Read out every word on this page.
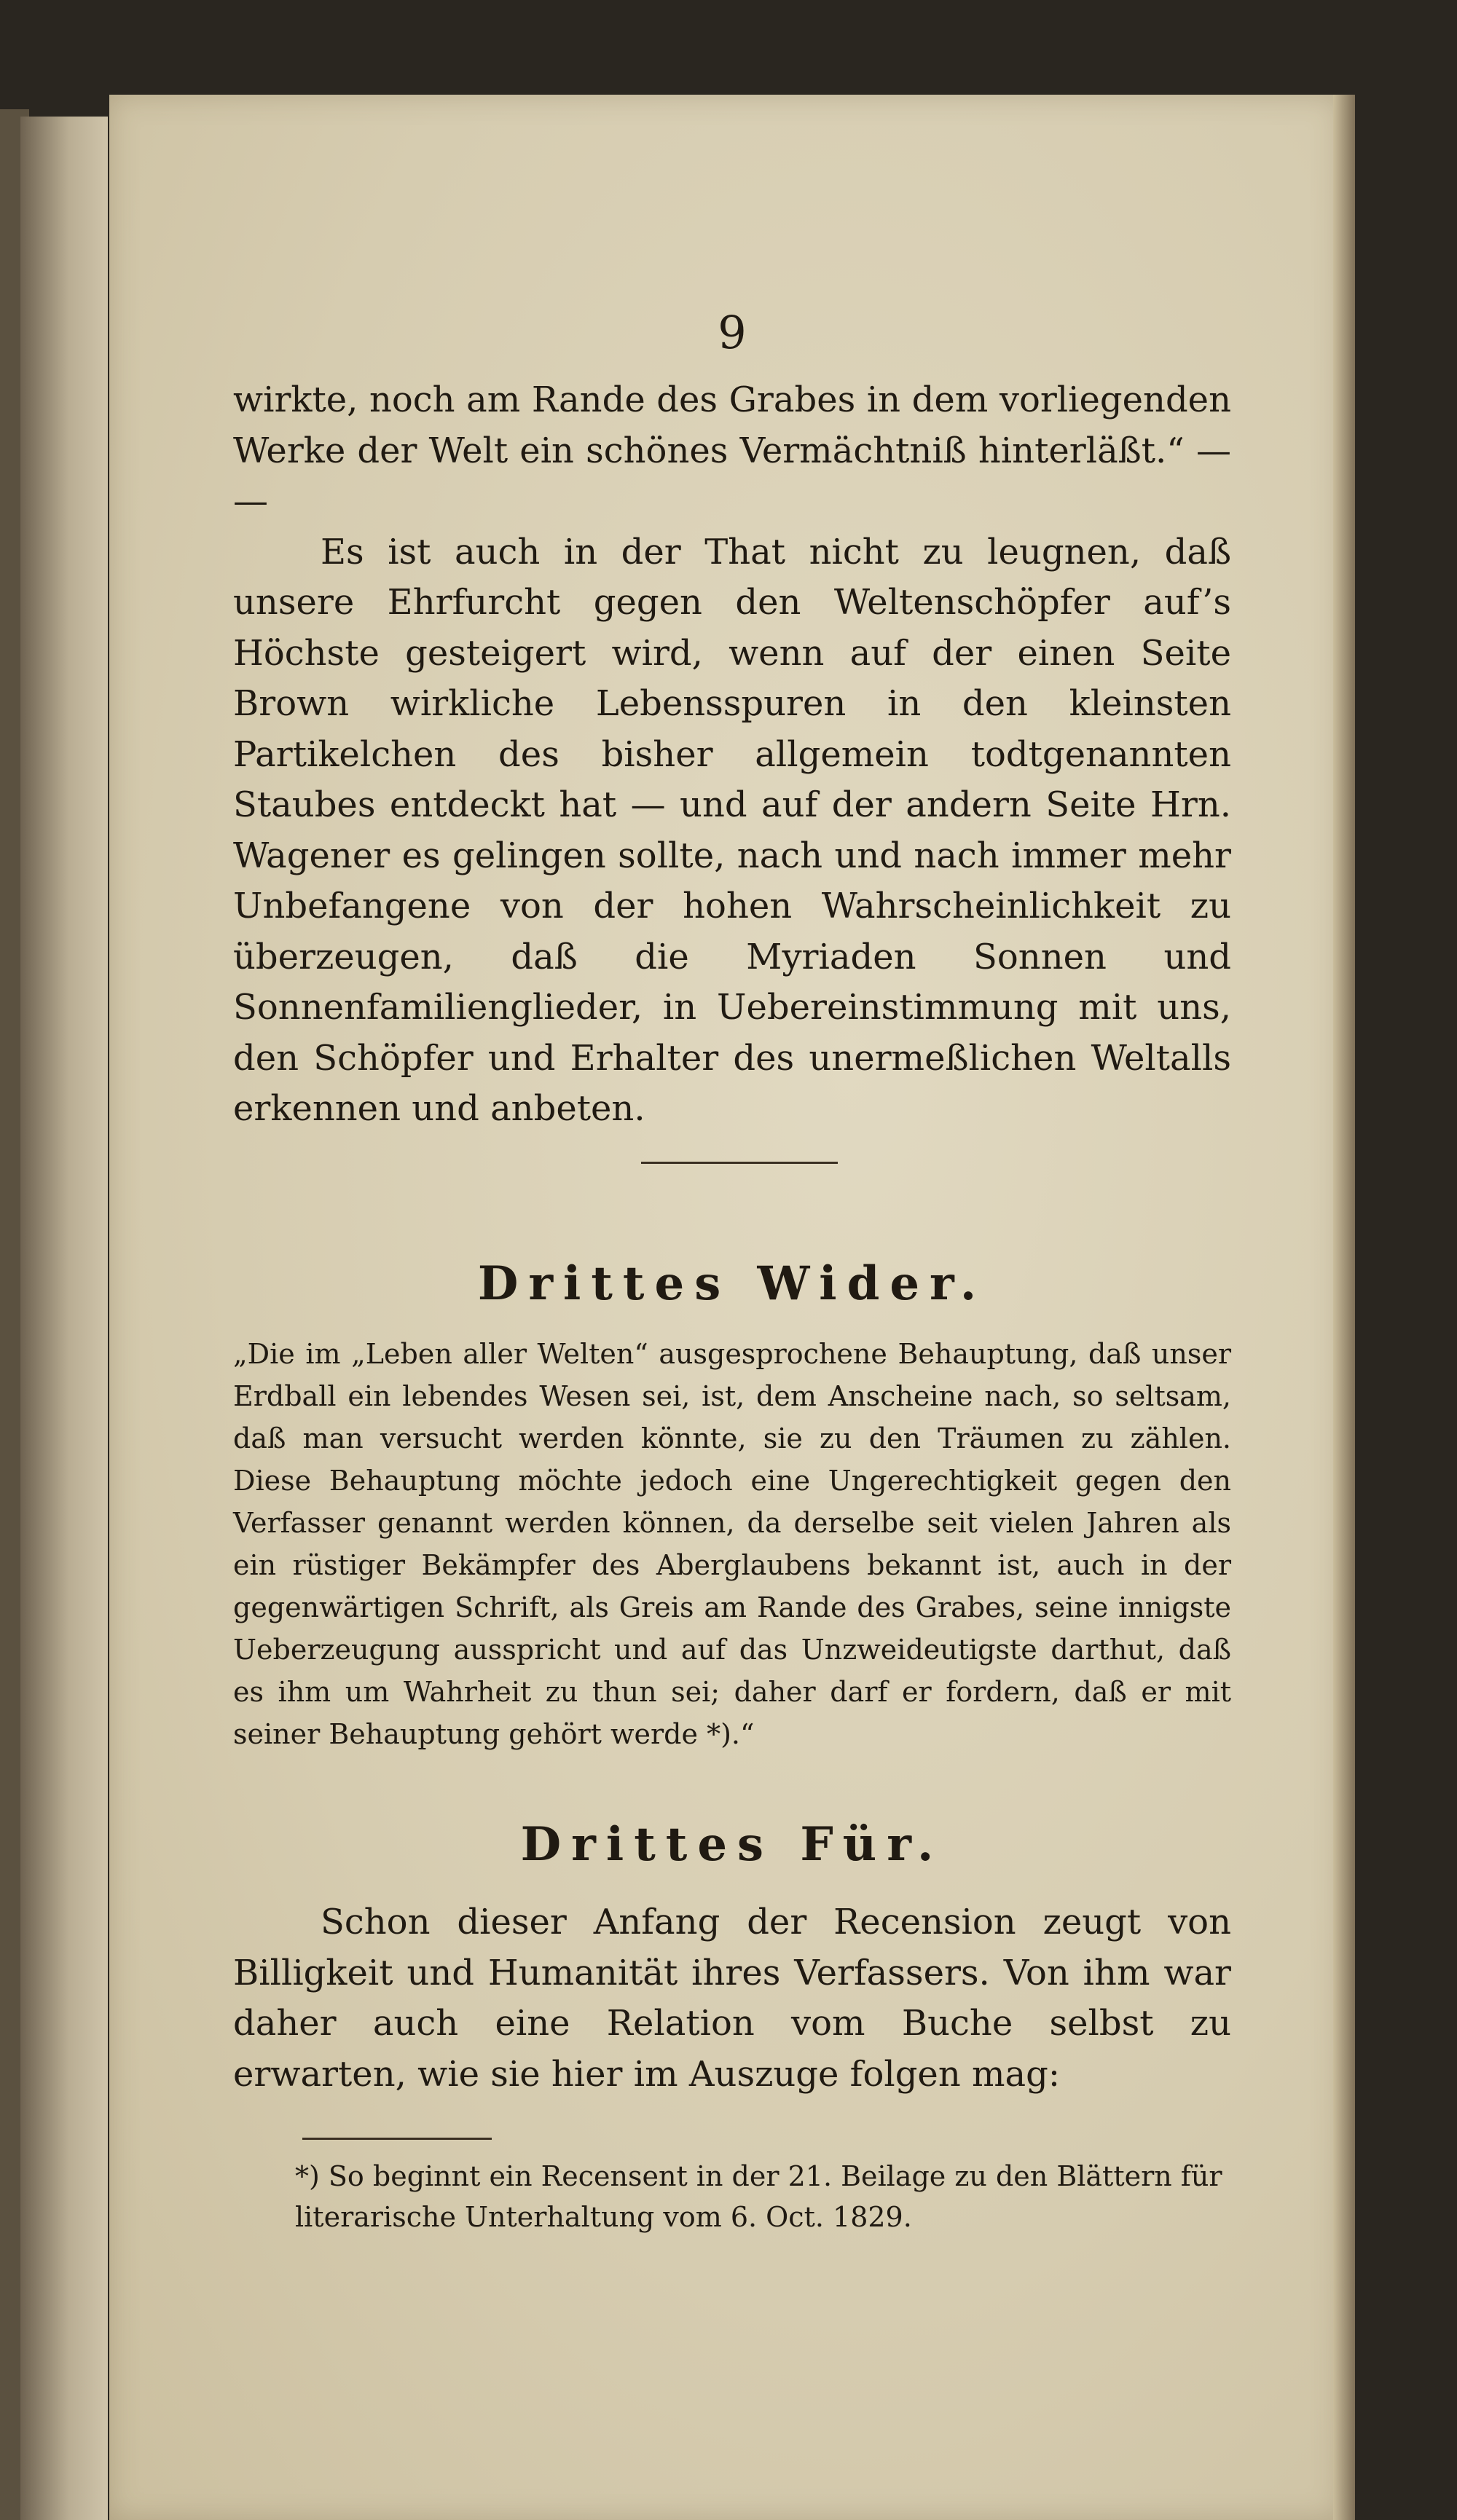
9

wirkte, noch am Rande des Grabes in dem vorliegenden Werke der Welt ein schönes Vermächtniß hinterläßt.“ — —

Es ist auch in der That nicht zu leugnen, daß unsere Ehrfurcht gegen den Weltenschöpfer auf’s Höchste gesteigert wird, wenn auf der einen Seite Brown wirkliche Lebensspuren in den kleinsten Partikelchen des bisher allgemein todtgenannten Staubes entdeckt hat — und auf der andern Seite Hrn. Wagener es gelingen sollte, nach und nach immer mehr Unbefangene von der hohen Wahrscheinlichkeit zu überzeugen, daß die Myriaden Sonnen und Sonnenfamilienglieder, in Uebereinstimmung mit uns, den Schöpfer und Erhalter des unermeßlichen Weltalls erkennen und anbeten.

Drittes Wider.

„Die im „Leben aller Welten“ ausgesprochene Behauptung, daß unser Erdball ein lebendes Wesen sei, ist, dem Anscheine nach, so seltsam, daß man versucht werden könnte, sie zu den Träumen zu zählen. Diese Behauptung möchte jedoch eine Ungerechtigkeit gegen den Verfasser genannt werden können, da derselbe seit vielen Jahren als ein rüstiger Bekämpfer des Aberglaubens bekannt ist, auch in der gegenwärtigen Schrift, als Greis am Rande des Grabes, seine innigste Ueberzeugung ausspricht und auf das Unzweideutigste darthut, daß es ihm um Wahrheit zu thun sei; daher darf er fordern, daß er mit seiner Behauptung gehört werde *).“

Drittes Für.

Schon dieser Anfang der Recension zeugt von Billigkeit und Humanität ihres Verfassers. Von ihm war daher auch eine Relation vom Buche selbst zu erwarten, wie sie hier im Auszuge folgen mag:

*) So beginnt ein Recensent in der 21. Beilage zu den Blättern für literarische Unterhaltung vom 6. Oct. 1829.
